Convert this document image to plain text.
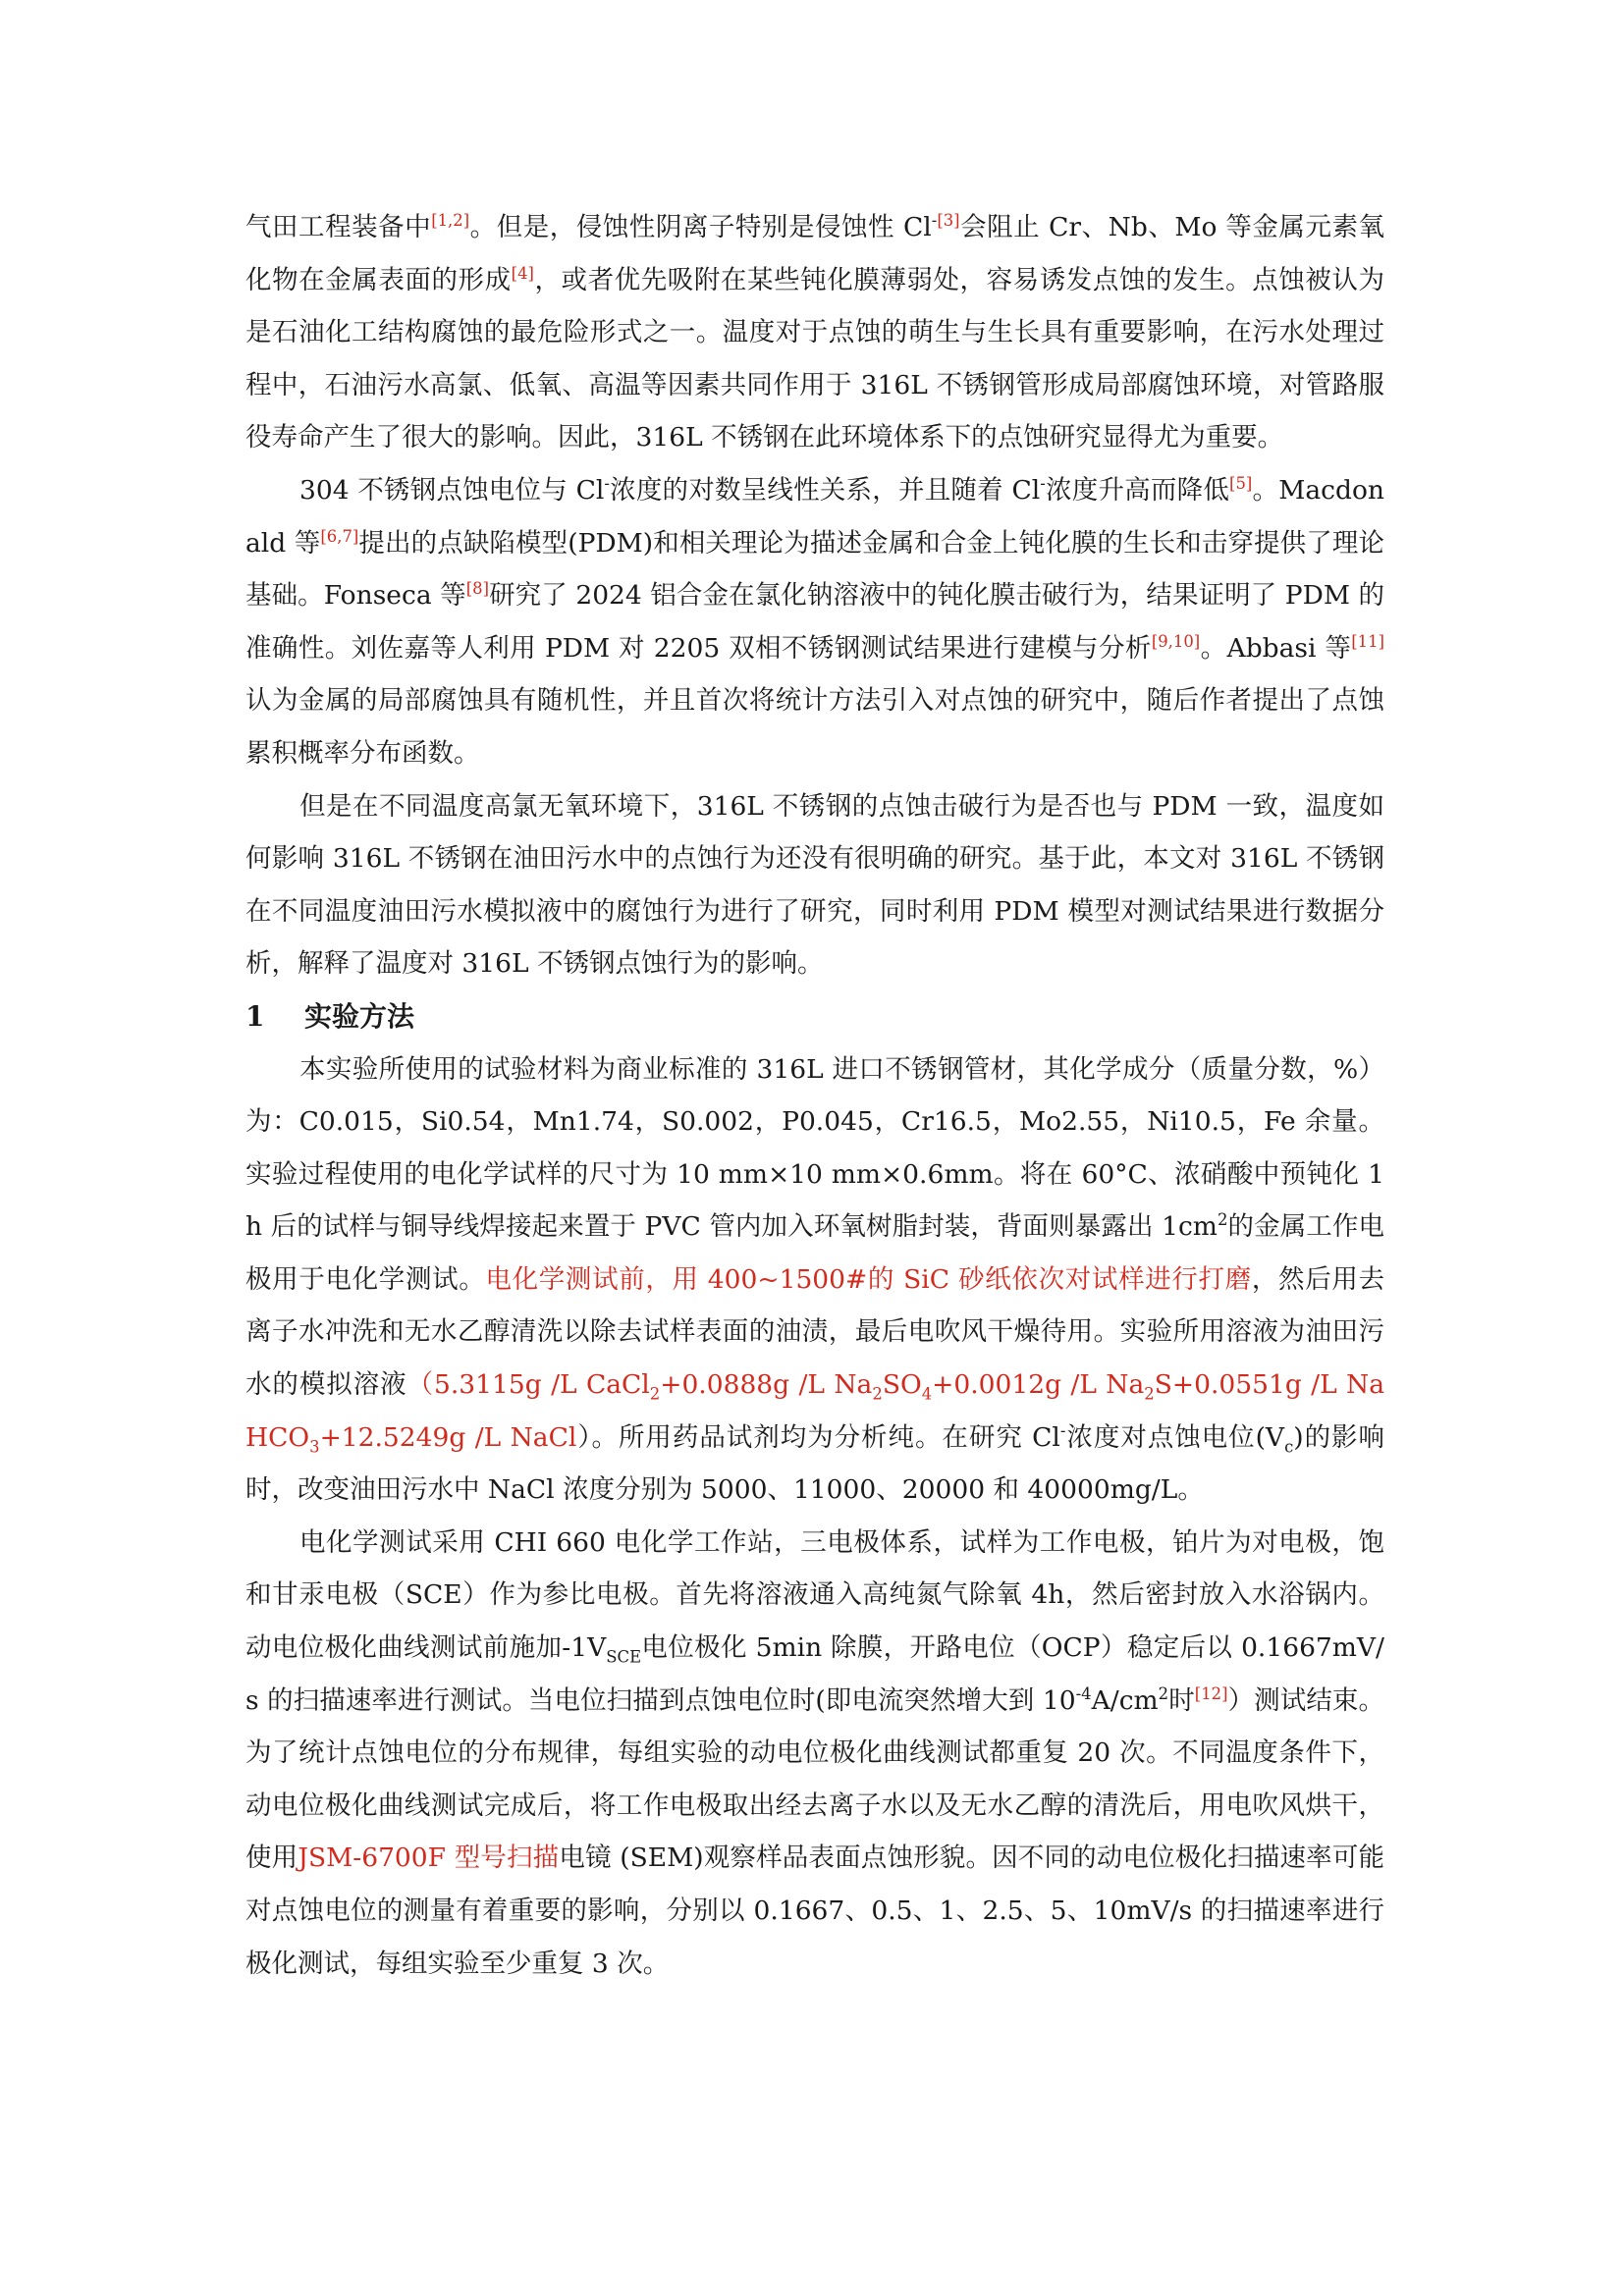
气田工程装备中[1,2]。但是，侵蚀性阴离子特别是侵蚀性 Cl$^{-[3]}$会阻止 Cr、Nb、Mo 等金属元素氧化物在金属表面的形成[4]，或者优先吸附在某些钝化膜薄弱处，容易诱发点蚀的发生。点蚀被认为是石油化工结构腐蚀的最危险形式之一。温度对于点蚀的萌生与生长具有重要影响，在污水处理过程中，石油污水高氯、低氧、高温等因素共同作用于 316L 不锈钢管形成局部腐蚀环境，对管路服役寿命产生了很大的影响。因此，316L 不锈钢在此环境体系下的点蚀研究显得尤为重要。

304 不锈钢点蚀电位与 Cl-浓度的对数呈线性关系，并且随着 Cl-浓度升高而降低[5]。Macdonald 等[6,7]提出的点缺陷模型(PDM)和相关理论为描述金属和合金上钝化膜的生长和击穿提供了理论基础。Fonseca 等[8]研究了 2024 铝合金在氯化钠溶液中的钝化膜击破行为，结果证明了 PDM 的准确性。刘佐嘉等人利用 PDM 对 2205 双相不锈钢测试结果进行建模与分析[9,10]。Abbasi 等[11]认为金属的局部腐蚀具有随机性，并且首次将统计方法引入对点蚀的研究中，随后作者提出了点蚀累积概率分布函数。

但是在不同温度高氯无氧环境下，316L 不锈钢的点蚀击破行为是否也与 PDM 一致，温度如何影响 316L 不锈钢在油田污水中的点蚀行为还没有很明确的研究。基于此，本文对 316L 不锈钢在不同温度油田污水模拟液中的腐蚀行为进行了研究，同时利用 PDM 模型对测试结果进行数据分析，解释了温度对 316L 不锈钢点蚀行为的影响。

1 实验方法

本实验所使用的试验材料为商业标准的 316L 进口不锈钢管材，其化学成分（质量分数，%）为：C0.015，Si0.54，Mn1.74，S0.002，P0.045，Cr16.5，Mo2.55，Ni10.5，Fe 余量。实验过程使用的电化学试样的尺寸为 10 mm×10 mm×0.6mm。将在 60°C、浓硝酸中预钝化 1h 后的试样与铜导线焊接起来置于 PVC 管内加入环氧树脂封装，背面则暴露出 $1cm^2$的金属工作电极用于电化学测试。电化学测试前，用 400~1500#的 SiC 砂纸依次对试样进行打磨，然后用去离子水冲洗和无水乙醇清洗以除去试样表面的油渍，最后电吹风干燥待用。实验所用溶液为油田污水的模拟溶液（5.3115g /L CaCl$_2$+0.0888g /L $Na_2SO_4+0.0012g$ /L $Na_2S+0.0551g$ /L NaHCO$_3$+12.5249g /L NaCl）。所用药品试剂均为分析纯。在研究 Cl-浓度对点蚀电位$(V_c)$的影响时，改变油田污水中 NaCl 浓度分别为 5000、11000、20000 和 40000mg/L。

电化学测试采用 CHI 660 电化学工作站，三电极体系，试样为工作电极，铂片为对电极，饱和甘汞电极（SCE）作为参比电极。首先将溶液通入高纯氮气除氧 4h，然后密封放入水浴锅内。动电位极化曲线测试前施加$-1V_{SCE}$电位极化 5min 除膜，开路电位（OCP）稳定后以 0.1667mV/s 的扫描速率进行测试。当电位扫描到点蚀电位时(即电流突然增大到 $10^{-4}A/cm^2$时[12]）测试结束。为了统计点蚀电位的分布规律，每组实验的动电位极化曲线测试都重复 20 次。不同温度条件下，动电位极化曲线测试完成后，将工作电极取出经去离子水以及无水乙醇的清洗后，用电吹风烘干，使用JSM-6700F 型号扫描电镜 (SEM)观察样品表面点蚀形貌。因不同的动电位极化扫描速率可能对点蚀电位的测量有着重要的影响，分别以 0.1667、0.5、1、2.5、5、10mV/s 的扫描速率进行极化测试，每组实验至少重复 3 次。
